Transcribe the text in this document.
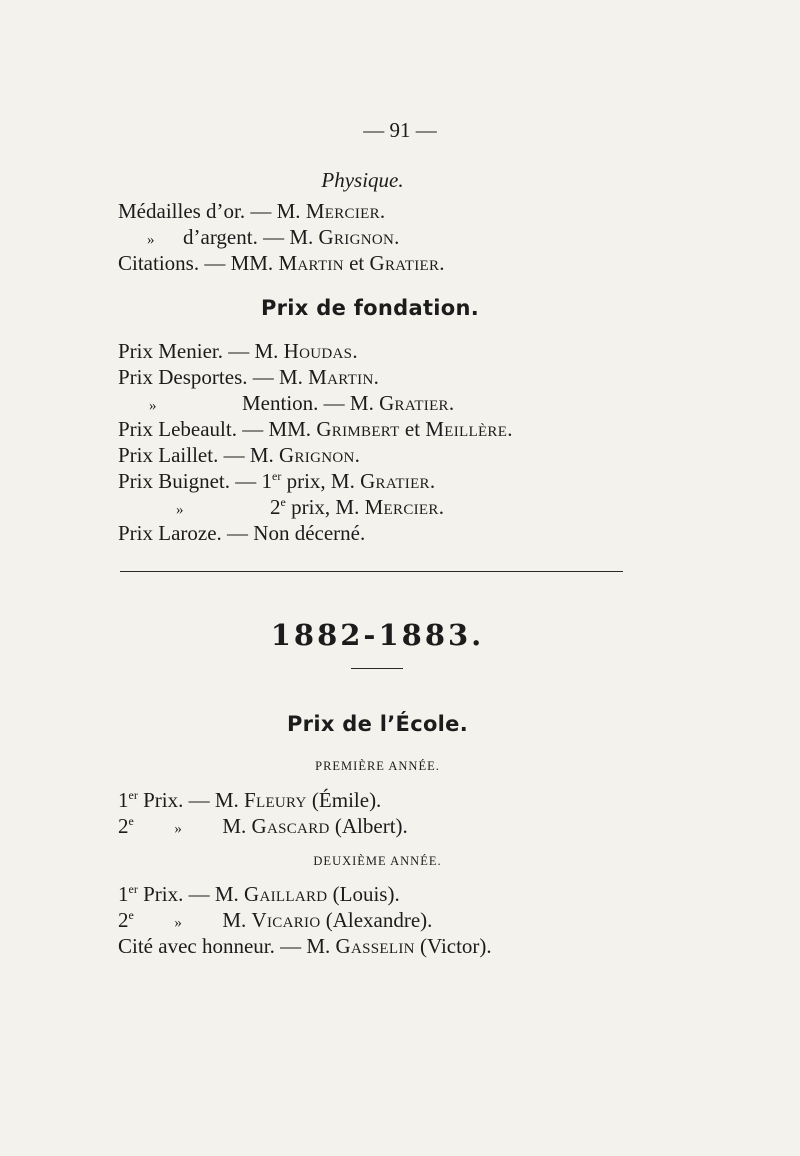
— 91 —
Physique.
Médailles d’or. — M. Mercier.
» d’argent. — M. Grignon.
Citations. — MM. Martin et Gratier.
Prix de fondation.
Prix Menier. — M. Houdas.
Prix Desportes. — M. Martin.
»	Mention. — M. Gratier.
Prix Lebeault. — MM. Grimbert et Meillère.
Prix Laillet. — M. Grignon.
Prix Buignet. — 1er prix, M. Gratier.
»	2e prix, M. Mercier.
Prix Laroze. — Non décerné.
1882-1883.
Prix de l’École.
PREMIÈRE ANNÉE.
1er Prix. — M. Fleury (Émile).
2e	» M. Gascard (Albert).
DEUXIÈME ANNÉE.
1er Prix. — M. Gaillard (Louis).
2e	» M. Vicario (Alexandre).
Cité avec honneur. — M. Gasselin (Victor).
